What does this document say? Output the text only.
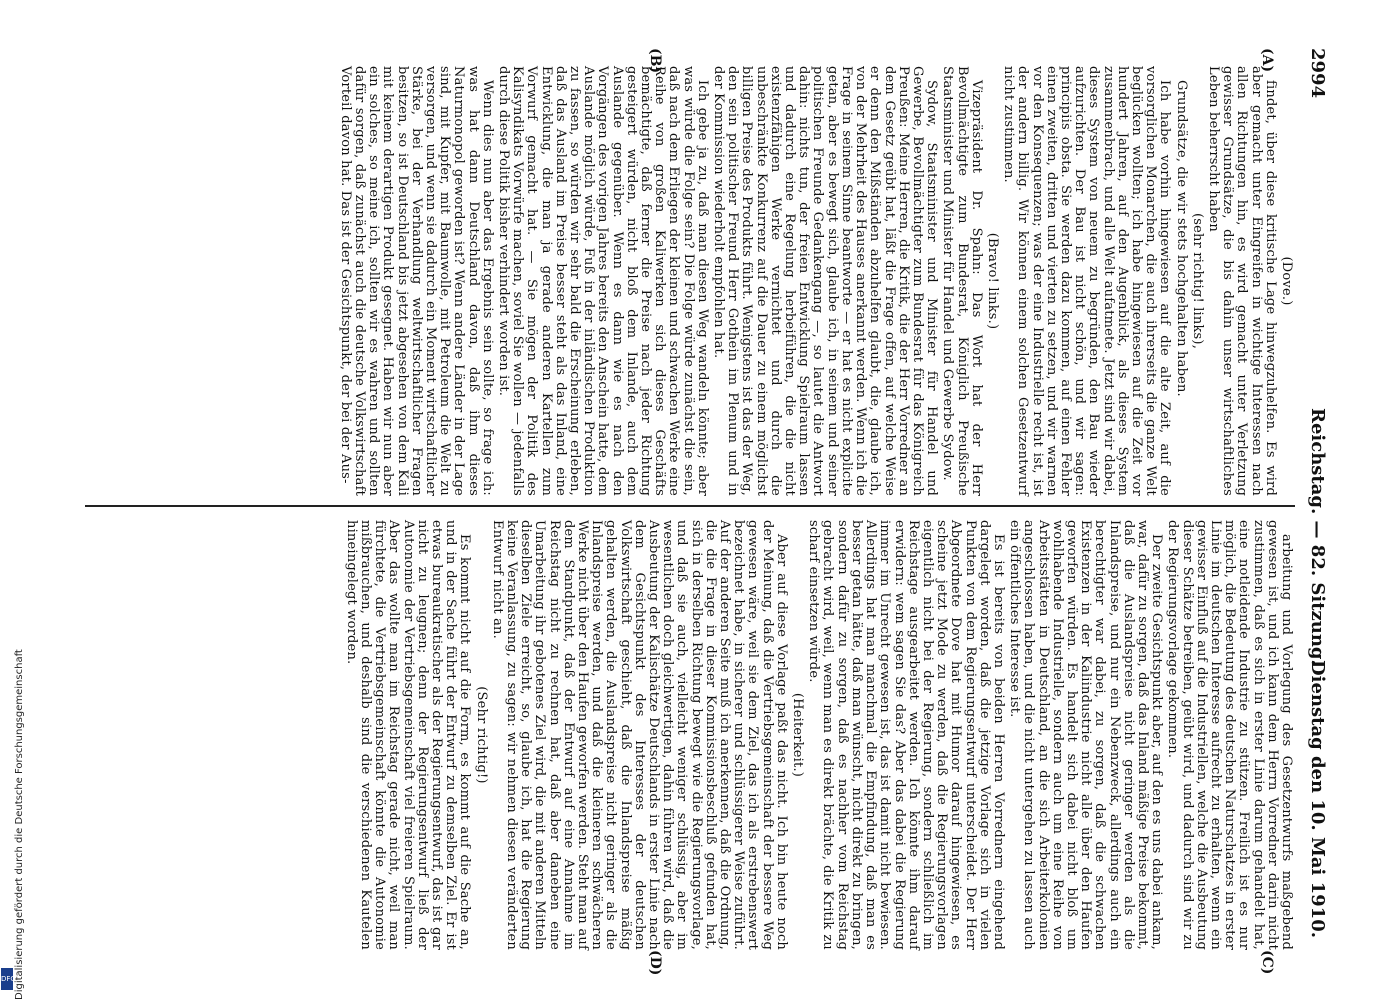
2994
Reichstag. — 82. Sitzung.
Dienstag den 10. Mai 1910.
(A)
(B)
(C)
(D)

(Dove.)

findet, über diese kritische Lage hinwegzuhelfen. Es wird aber gemacht unter Eingreifen in wichtige Interessen nach allen Richtungen hin, es wird gemacht unter Verletzung gewisser Grundsätze, die bis dahin unser wirtschaftliches Leben beherrscht haben

(sehr richtig! links),

Grundsätze, die wir stets hochgehalten haben.

Ich habe vorhin hingewiesen auf die alte Zeit, auf die vorsorglichen Monarchen, die auch ihrerseits die ganze Welt beglücken wollten; ich habe hingewiesen auf die Zeit vor hundert Jahren, auf den Augenblick, als dieses System zusammenbrach, und alle Welt aufatmete. Jetzt sind wir dabei, dieses System von neuem zu begründen, den Bau wieder aufzurichten. Der Bau ist nicht schön, und wir sagen: principiis obsta. Sie werden dazu kommen, auf einen Fehler einen zweiten, dritten und vierten zu setzen, und wir warnen vor den Konsequenzen; was der eine Industrielle recht ist, ist der andern billig. Wir können einem solchen Gesetzentwurf nicht zustimmen.

(Bravo! links.)

Vizepräsident Dr. Spahn: Das Wort hat der Herr Bevollmächtigte zum Bundesrat, Königlich Preußische Staatsminister und Minister für Handel und Gewerbe Sydow.

Sydow, Staatsminister und Minister für Handel und Gewerbe, Bevollmächtigter zum Bundesrat für das Königreich Preußen: Meine Herren, die Kritik, die der Herr Vorredner an dem Gesetz geübt hat, läßt die Frage offen, auf welche Weise er denn den Mißständen abzuhelfen glaubt, die, glaube ich, von der Mehrheit des Hauses anerkannt werden. Wenn ich die Frage in seinem Sinne beantworte — er hat es nicht explicite getan, aber es bewegt sich, glaube ich, in seinem und seiner politischen Freunde Gedankengang —, so lautet die Antwort dahin: nichts tun, der freien Entwicklung Spielraum lassen und dadurch eine Regelung herbeiführen, die die nicht existenzfähigen Werke vernichtet und durch die unbeschränkte Konkurrenz auf die Dauer zu einem möglichst billigen Preise des Produkts führt. Wenigstens ist das der Weg, den sein politischer Freund Herr Gothein im Plenum und in der Kommission wiederholt empfohlen hat.

Ich gebe ja zu, daß man diesen Weg wandeln könnte; aber was würde die Folge sein? Die Folge würde zunächst die sein, daß nach dem Erliegen der kleinen und schwachen Werke eine Reihe von großen Kaliwerken sich dieses Geschäfts bemächtigte, daß ferner die Preise nach jeder Richtung gesteigert würden, nicht bloß dem Inlande, auch dem Auslande gegenüber. Wenn es dann wie es nach den Vorgängen des vorigen Jahres bereits den Anschein hatte, dem Auslande möglich würde, Fuß in der inländischen Produktion zu fassen, so würden wir sehr bald die Erscheinung erleben, daß das Ausland im Preise besser steht als das Inland, eine Entwicklung, die man ja gerade anderen Kartellen zum Vorwurf gemacht hat. — Sie mögen der Politik des Kalisyndikats Vorwürfe machen, soviel Sie wollen — jedenfalls durch diese Politik bisher verhindert worden ist.

Wenn dies nun aber das Ergebnis sein sollte, so frage ich: was hat dann Deutschland davon, daß ihm dieses Naturmonopol geworden ist? Wenn andere Länder in der Lage sind, mit Kupfer, mit Baumwolle, mit Petroleum die Welt zu versorgen, und wenn sie dadurch ein Moment wirtschaftlicher Stärke, bei der Verhandlung weltwirtschaftlicher Fragen besitzen, so ist Deutschland bis jetzt abgesehen von dem Kali mit keinem derartigen Produkt gesegnet. Haben wir nun aber ein solches, so meine ich, sollten wir es wahren und sollten dafür sorgen, daß zunächst auch die deutsche Volkswirtschaft Vorteil davon hat. Das ist der Gesichtspunkt, der bei der Aus-

arbeitung und Vorlegung des Gesetzentwurfs maßgebend gewesen ist, und ich kann dem Herrn Vorredner darin nicht zustimmen, daß es sich in erster Linie darum gehandelt hat, eine notleidende Industrie zu stützen. Freilich ist es nur möglich, die Bedeutung des deutschen Naturschatzes in erster Linie im deutschen Interesse aufrecht zu erhalten, wenn ein gewisser Einfluß auf die Industriellen, welche die Ausbeutung dieser Schätze betreiben, geübt wird, und dadurch sind wir zu der Regierungsvorlage gekommen.

Der zweite Gesichtspunkt aber, auf den es uns dabei ankam, war, dafür zu sorgen, daß das Inland mäßige Preise bekommt, daß die Auslandspreise nicht geringer werden als die Inlandspreise, und nur ein Nebenzweck, allerdings auch ein berechtigter war dabei, zu sorgen, daß die schwachen Existenzen in der Kaliindustrie nicht alle über den Haufen geworfen würden. Es handelt sich dabei nicht bloß um wohlhabende Industrielle, sondern auch um eine Reihe von Arbeitsstätten in Deutschland, an die sich Arbeiterkolonien angeschlossen haben, und die nicht untergehen zu lassen auch ein öffentliches Interesse ist.

Es ist bereits von beiden Herren Vorrednern eingehend dargelegt worden, daß die jetzige Vorlage sich in vielen Punkten von dem Regierungsentwurf unterscheidet. Der Herr Abgeordnete Dove hat mit Humor darauf hingewiesen, es scheine jetzt Mode zu werden, daß die Regierungsvorlagen eigentlich nicht bei der Regierung, sondern schließlich im Reichstage ausgearbeitet werden. Ich könnte ihm darauf erwidern: wem sagen Sie das? Aber das dabei die Regierung immer im Unrecht gewesen ist, das ist damit nicht bewiesen. Allerdings hat man manchmal die Empfindung, daß man es besser getan hätte, daß man wünscht, nicht direkt zu bringen, sondern dafür zu sorgen, daß es nachher vom Reichstag gebracht wird, weil, wenn man es direkt brächte, die Kritik zu scharf einsetzen würde.

(Heiterkeit.)

Aber auf diese Vorlage paßt das nicht. Ich bin heute noch der Meinung, daß die Vertriebsgemeinschaft der bessere Weg gewesen wäre, weil sie dem Ziel, das ich als erstrebenswert bezeichnet habe, in sicherer und schlüssigerer Weise zuführt. Auf der anderen Seite muß ich anerkennen, daß die Ordnung, die die Frage in dieser Kommissionsbeschluß gefunden hat, sich in derselben Richtung bewegt wie die Regierungsvorlage, und daß sie auch, vielleicht weniger schlüssig, aber im wesentlichen doch gleichwertigen, dahin führen wird, daß die Ausbeutung der Kalischätze Deutschlands in erster Linie nach dem Gesichtspunkt des Interesses der deutschen Volkswirtschaft geschieht, daß die Inlandspreise mäßig gehalten werden, die Auslandspreise nicht geringer als die Inlandspreise werden, und daß die kleineren schwächeren Werke nicht über den Haufen geworfen werden. Steht man auf dem Standpunkt, daß der Entwurf auf eine Annahme im Reichstag nicht zu rechnen hat, daß aber daneben eine Umarbeitung ihr gebotenes Ziel wird, die mit anderen Mitteln dieselben Ziele erreicht, so, glaube ich, hat die Regierung keine Veranlassung, zu sagen: wir nehmen diesen veränderten Entwurf nicht an.

(Sehr richtig!)

Es kommt nicht auf die Form, es kommt auf die Sache an, und in der Sache führt der Entwurf zu demselben Ziel. Er ist etwas bureaukratischer als der Regierungsentwurf, das ist gar nicht zu leugnen; denn der Regierungsentwurf ließ der Autonomie der Vertriebsgemeinschaft viel freieren Spielraum. Aber das wollte man im Reichstag gerade nicht, weil man fürchtete, die Vertriebsgemeinschaft könnte die Autonomie mißbrauchen, und deshalb sind die verschiedenen Kautelen hineingelegt worden.

Digitalisierung gefördert durch die Deutsche Forschungsgemeinschaft
DFG
